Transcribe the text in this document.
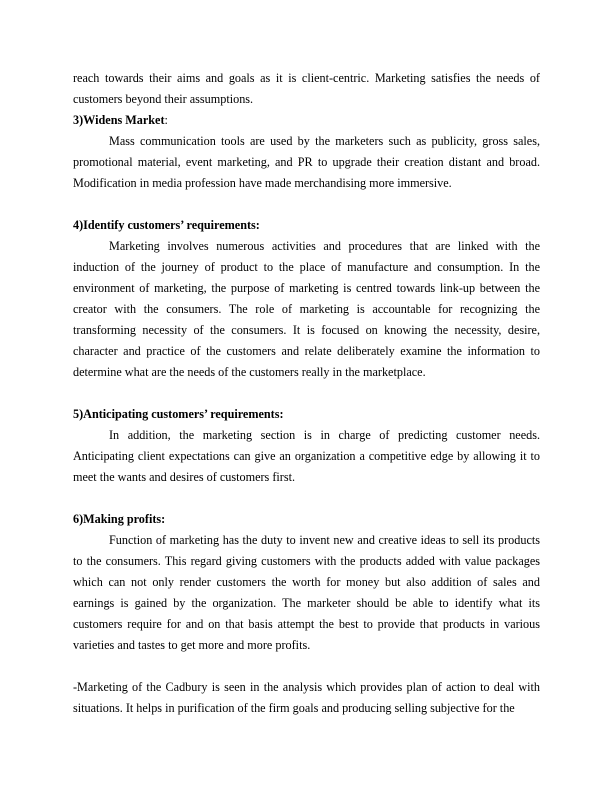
reach towards their aims and goals as it is client-centric. Marketing satisfies the needs of customers beyond their assumptions.

3)Widens Market:

Mass communication tools are used by the marketers such as publicity, gross sales, promotional material, event marketing, and PR to upgrade their creation distant and broad. Modification in media profession have made merchandising more immersive.

4)Identify customers’ requirements:

Marketing involves numerous activities and procedures that are linked with the induction of the journey of product to the place of manufacture and consumption. In the environment of marketing, the purpose of marketing is centred towards link-up between the creator with the consumers. The role of marketing is accountable for recognizing the transforming necessity of the consumers. It is focused on knowing the necessity, desire, character and practice of the customers and relate deliberately examine the information to determine what are the needs of the customers really in the marketplace.

5)Anticipating customers’ requirements:

In addition, the marketing section is in charge of predicting customer needs. Anticipating client expectations can give an organization a competitive edge by allowing it to meet the wants and desires of customers first.

6)Making profits:

Function of marketing has the duty to invent new and creative ideas to sell its products to the consumers. This regard giving customers with the products added with value packages which can not only render customers the worth for money but also addition of sales and earnings is gained by the organization. The marketer should be able to identify what its customers require for and on that basis attempt the best to provide that products in various varieties and tastes to get more and more profits.

-Marketing of the Cadbury is seen in the analysis which provides plan of action to deal with situations. It helps in purification of the firm goals and producing selling subjective for the
